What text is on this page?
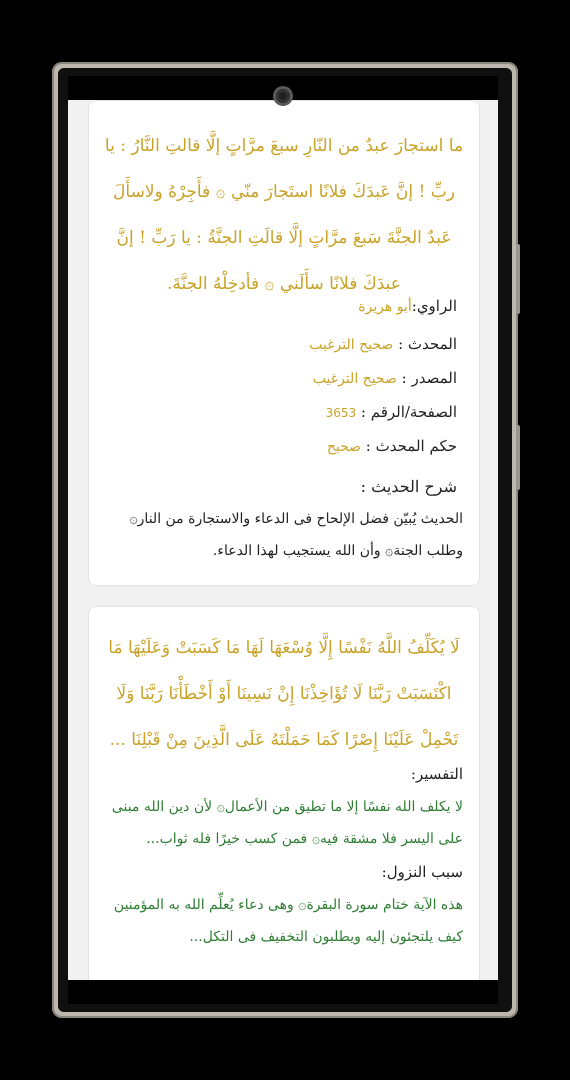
ما استجارَ عبدٌ من النّارِ سبعَ مرَّاتٍ إلَّا قالتِ النَّارُ : يا ربِّ ! إنَّ عَبدَكَ فلانًا استَجارَ منّي ۞ فأَجِرْهُ ولاسأَلَ عَبدٌ الجنَّةَ سَبعَ مرَّاتٍ إلَّا قالَتِ الجنَّةُ : يا رَبِّ ! إنَّ عبدَكَ فلانًا سأَلَني ۞ فأدخِلْهُ الجنَّةَ.
الراوي:أبو هريرة
المحدث : صحيح الترغيب
المصدر : صحيح الترغيب
الصفحة/الرقم : 3653
حكم المحدث : صحيح
شرح الحديث :
الحديث يُبيّن فضل الإلحاح فى الدعاء والاستجارة من النار۞ وطلب الجنة۞ وأن الله يستجيب لهذا الدعاء.
لَا يُكَلِّفُ اللَّهُ نَفْسًا إِلَّا وُسْعَهَا لَهَا مَا كَسَبَتْ وَعَلَيْهَا مَا اكْتَسَبَتْ رَبَّنَا لَا تُؤَاخِذْنَا إِنْ نَسِينَا أَوْ أَخْطَأْنَا رَبَّنَا وَلَا تَحْمِلْ عَلَيْنَا إِصْرًا كَمَا حَمَلْتَهُ عَلَى الَّذِينَ مِنْ قَبْلِنَا ...
التفسير:
لا يكلف الله نفسًا إلا ما تطيق من الأعمال۞ لأن دين الله مبنى على اليسر فلا مشقة فيه۞ فمن كسب خيرًا فله ثواب...
سبب النزول:
هذه الآية ختام سورة البقرة۞ وهى دعاء يُعلِّم الله به المؤمنين كيف يلتجئون إليه ويطلبون التخفيف فى التكل...
